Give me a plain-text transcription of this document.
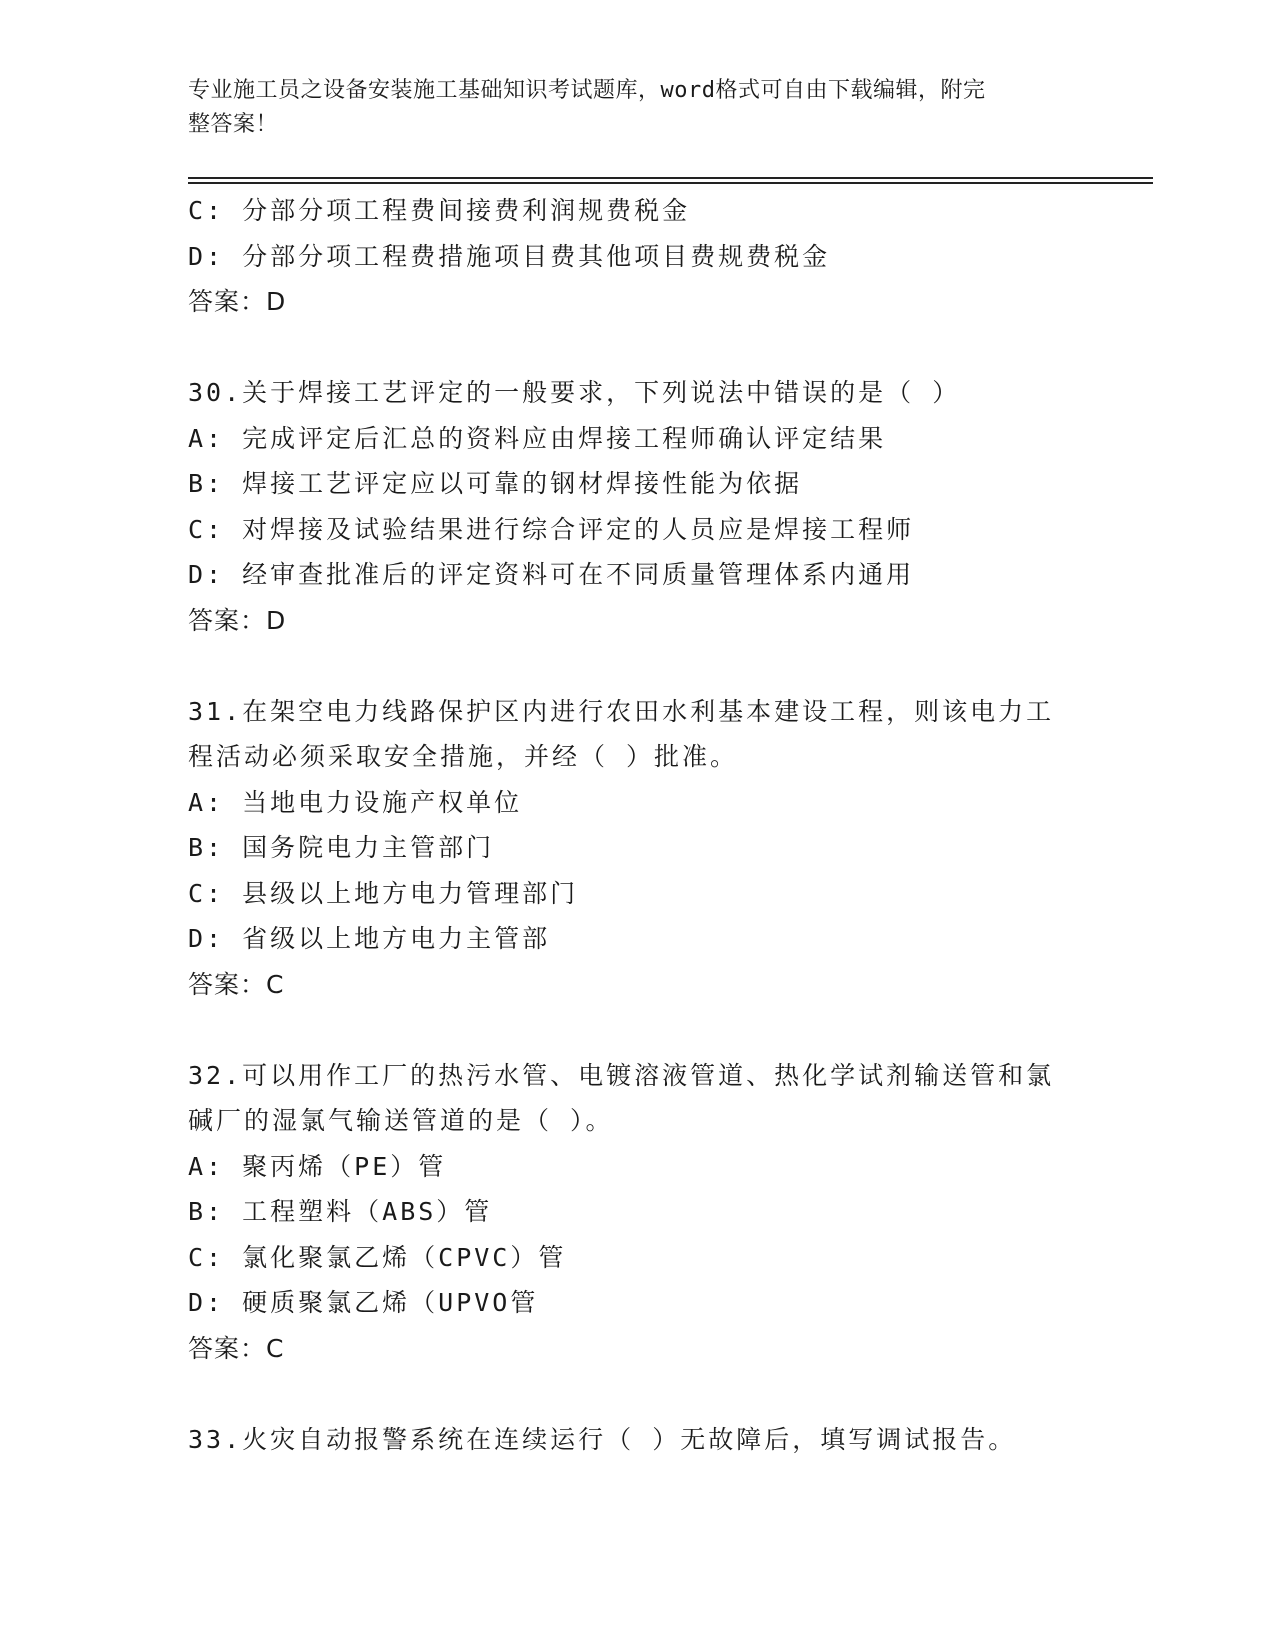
专业施工员之设备安装施工基础知识考试题库，word格式可自由下载编辑，附完
整答案！
C: 分部分项工程费间接费利润规费税金
D: 分部分项工程费措施项目费其他项目费规费税金
答案：D
30.关于焊接工艺评定的一般要求，下列说法中错误的是（ ）
A: 完成评定后汇总的资料应由焊接工程师确认评定结果
B: 焊接工艺评定应以可靠的钢材焊接性能为依据
C: 对焊接及试验结果进行综合评定的人员应是焊接工程师
D: 经审查批准后的评定资料可在不同质量管理体系内通用
答案：D
31.在架空电力线路保护区内进行农田水利基本建设工程，则该电力工
程活动必须采取安全措施，并经（ ）批准。
A: 当地电力设施产权单位
B: 国务院电力主管部门
C: 县级以上地方电力管理部门
D: 省级以上地方电力主管部
答案：C
32.可以用作工厂的热污水管、电镀溶液管道、热化学试剂输送管和氯
碱厂的湿氯气输送管道的是（ ）。
A: 聚丙烯（PE）管
B: 工程塑料（ABS）管
C: 氯化聚氯乙烯（CPVC）管
D: 硬质聚氯乙烯（UPVO管
答案：C
33.火灾自动报警系统在连续运行（ ）无故障后，填写调试报告。
